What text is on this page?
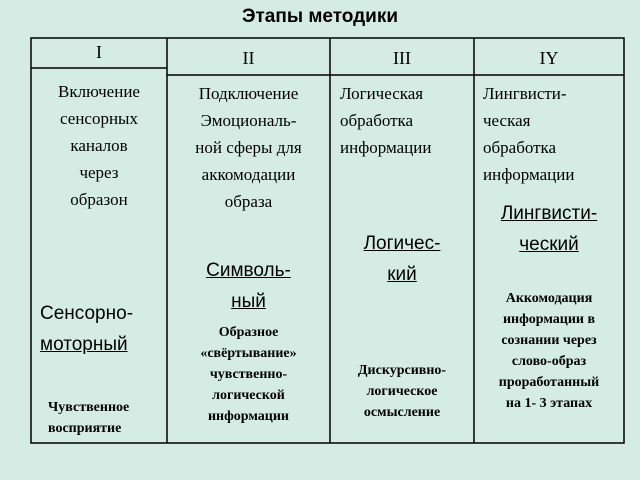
Этапы методики
I
Включение
сенсорных
каналов
через
образон
Сенсорно-
моторный
Чувственное
восприятие
II
Подключение
Эмоциональ-
ной сферы для
аккомодации
образа
Символь-
ный
Образное
«свёртывание»
чувственно-
логической
информации
III
Логическая
обработка
информации
Логичес-
кий
Дискурсивно-
логическое
осмысление
IY
Лингвисти-
ческая
обработка
информации
Лингвисти-
ческий
Аккомодация
информации в
сознании через
слово-образ
проработанный
на 1- 3 этапах
